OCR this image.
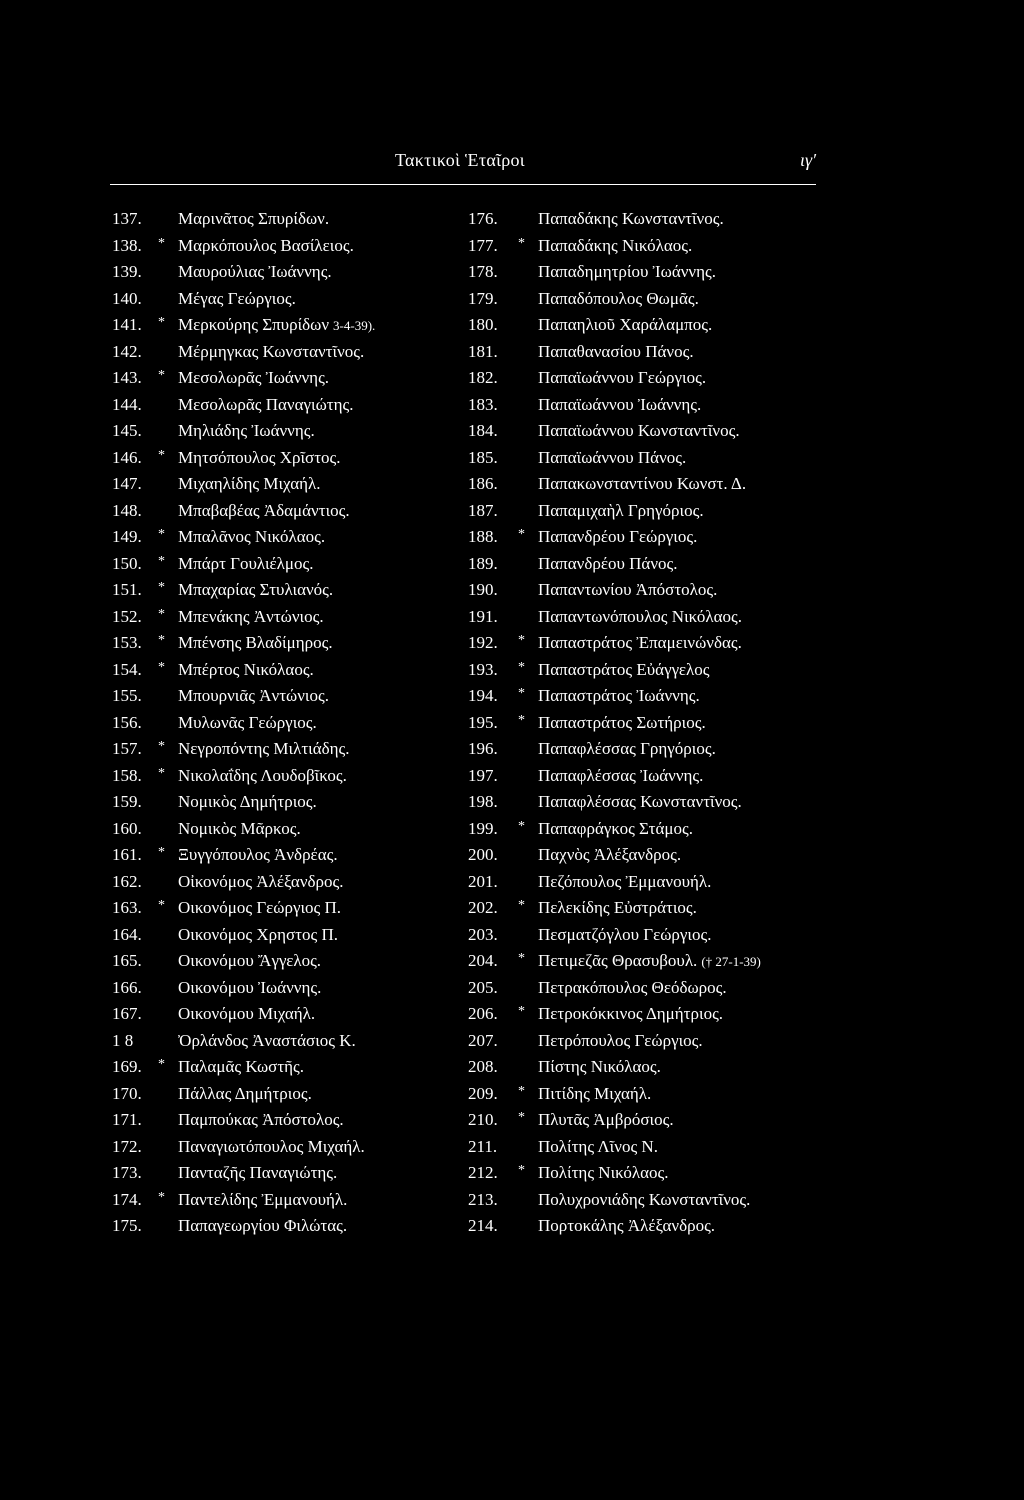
Τακτικοὶ Ἑταῖροι	ιγ′
137. Μαρινᾶτος Σπυρίδων.
138. * Μαρκόπουλος Βασίλειος.
139. Μαυρούλιας Ἰωάννης.
140. Μέγας Γεώργιος.
141. * Μερκούρης Σπυρίδων 3-4-39).
142. Μέρμηγκας Κωνσταντῖνος.
143. * Μεσολωρᾶς Ἰωάννης.
144. Μεσολωρᾶς Παναγιώτης.
145. Μηλιάδης Ἰωάννης.
146. * Μητσόπουλος Χρῖστος.
147. Μιχαηλίδης Μιχαήλ.
148. Μπαβαβέας Ἀδαμάντιος.
149. * Μπαλᾶνος Νικόλαος.
150. * Μπάρτ Γουλιέλμος.
151. * Μπαχαρίας Στυλιανός.
152. * Μπενάκης Ἀντώνιος.
153. * Μπένσης Βλαδίμηρος.
154. * Μπέρτος Νικόλαος.
155. Μπουρνιᾶς Ἀντώνιος.
156. Μυλωνᾶς Γεώργιος.
157. * Νεγροπόντης Μιλτιάδης.
158. * Νικολαΐδης Λουδοβῖκος.
159. Νομικὸς Δημήτριος.
160. Νομικὸς Μᾶρκος.
161. * Ξυγγόπουλος Ἀνδρέας.
162. Οἰκονόμος Ἀλέξανδρος.
163. * Οικονόμος Γεώργιος Π.
164. Οικονόμος Χρηστος Π.
165. Οικονόμου Ἄγγελος.
166. Οικονόμου Ἰωάννης.
167. Οικονόμου Μιχαήλ.
1 8	Ὀρλάνδος Ἀναστάσιος Κ.
169. * Παλαμᾶς Κωστῆς.
170. Πάλλας Δημήτριος.
171. Παμπούκας Ἀπόστολος.
172. Παναγιωτόπουλος Μιχαήλ.
173. Πανταζῆς Παναγιώτης.
174. * Παντελίδης Ἐμμανουήλ.
175. Παπαγεωργίου Φιλώτας.
176. Παπαδάκης Κωνσταντῖνος.
177. * Παπαδάκης Νικόλαος.
178. Παπαδημητρίου Ἰωάννης.
179. Παπαδόπουλος Θωμᾶς.
180. Παπαηλιοῦ Χαράλαμπος.
181. Παπαθανασίου Πάνος.
182. Παπαϊωάννου Γεώργιος.
183. Παπαϊωάννου Ἰωάννης.
184. Παπαϊωάννου Κωνσταντῖνος.
185. Παπαϊωάννου Πάνος.
186. Παπακωνσταντίνου Κωνστ. Δ.
187. Παπαμιχαὴλ Γρηγόριος.
188. * Παπανδρέου Γεώργιος.
189. Παπανδρέου Πάνος.
190. Παπαντωνίου Ἀπόστολος.
191. Παπαντωνόπουλος Νικόλαος.
192. * Παπαστράτος Ἐπαμεινώνδας.
193. * Παπαστράτος Εὐάγγελος
194. * Παπαστράτος Ἰωάννης.
195. * Παπαστράτος Σωτήριος.
196. Παπαφλέσσας Γρηγόριος.
197. Παπαφλέσσας Ἰωάννης.
198. Παπαφλέσσας Κωνσταντῖνος.
199. * Παπαφράγκος Στάμος.
200. Παχνὸς Ἀλέξανδρος.
201. Πεζόπουλος Ἐμμανουήλ.
202. * Πελεκίδης Εὐστράτιος.
203. Πεσματζόγλου Γεώργιος.
204. * Πετιμεζᾶς Θρασυβουλ. († 27-1-39)
205. Πετρακόπουλος Θεόδωρος.
206. * Πετροκόκκινος Δημήτριος.
207. Πετρόπουλος Γεώργιος.
208. Πίστης Νικόλαος.
209. * Πιτίδης Μιχαήλ.
210. * Πλυτᾶς Ἀμβρόσιος.
211. Πολίτης Λῖνος Ν.
212. * Πολίτης Νικόλαος.
213. Πολυχρονιάδης Κωνσταντῖνος.
214. Πορτοκάλης Ἀλέξανδρος.
